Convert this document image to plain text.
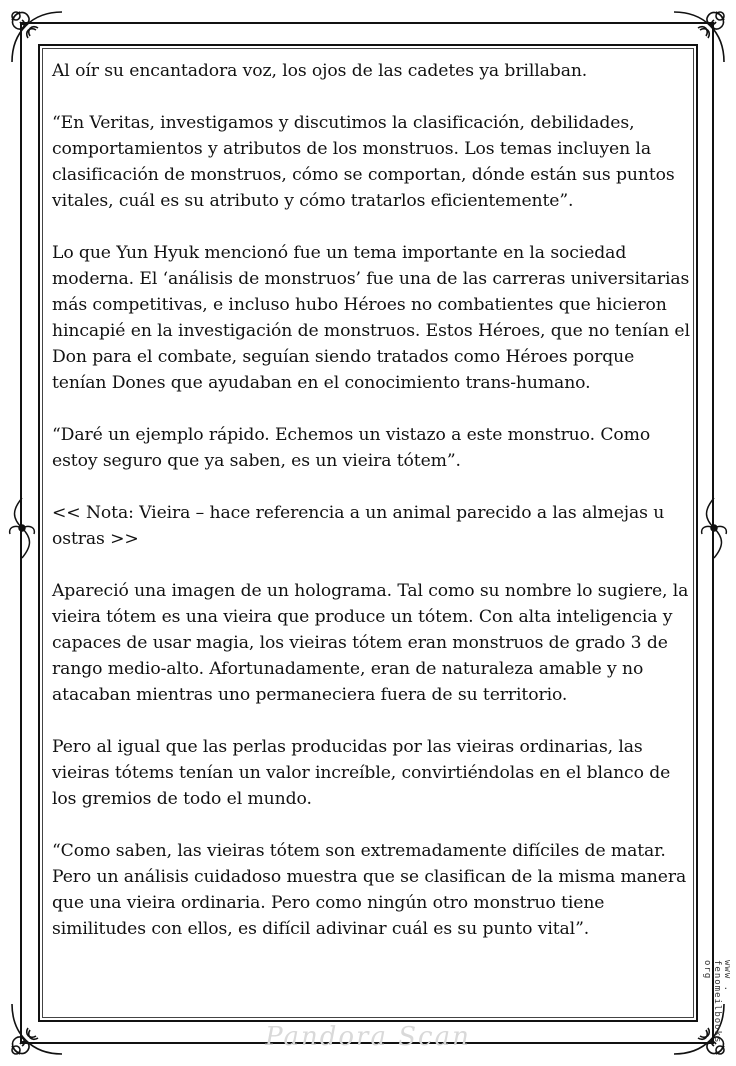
Al oír su encantadora voz, los ojos de las cadetes ya brillaban.

“En Veritas, investigamos y discutimos la clasificación, debilidades, comportamientos y atributos de los monstruos. Los temas incluyen la clasificación de monstruos, cómo se comportan, dónde están sus puntos vitales, cuál es su atributo y cómo tratarlos eficientemente”.

Lo que Yun Hyuk mencionó fue un tema importante en la sociedad moderna. El ‘análisis de monstruos’ fue una de las carreras universitarias más competitivas, e incluso hubo Héroes no combatientes que hicieron hincapié en la investigación de monstruos. Estos Héroes, que no tenían el Don para el combate, seguían siendo tratados como Héroes porque tenían Dones que ayudaban en el conocimiento trans-humano.

“Daré un ejemplo rápido. Echemos un vistazo a este monstruo. Como estoy seguro que ya saben, es un vieira tótem”.

<< Nota: Vieira – hace referencia a un animal parecido a las almejas u ostras >>

Apareció una imagen de un holograma. Tal como su nombre lo sugiere, la vieira tótem es una vieira que produce un tótem. Con alta inteligencia y capaces de usar magia, los vieiras tótem eran monstruos de grado 3 de rango medio-alto. Afortunadamente, eran de naturaleza amable y no atacaban mientras uno permaneciera fuera de su territorio.

Pero al igual que las perlas producidas por las vieiras ordinarias, las vieiras tótems tenían un valor increíble, convirtiéndolas en el blanco de los gremios de todo el mundo.

“Como saben, las vieiras tótem son extremadamente difíciles de matar. Pero un análisis cuidadoso muestra que se clasifican de la misma manera que una vieira ordinaria. Pero como ningún otro monstruo tiene similitudes con ellos, es difícil adivinar cuál es su punto vital”.

Pandora Scan
www . fenomeilbooks . org
